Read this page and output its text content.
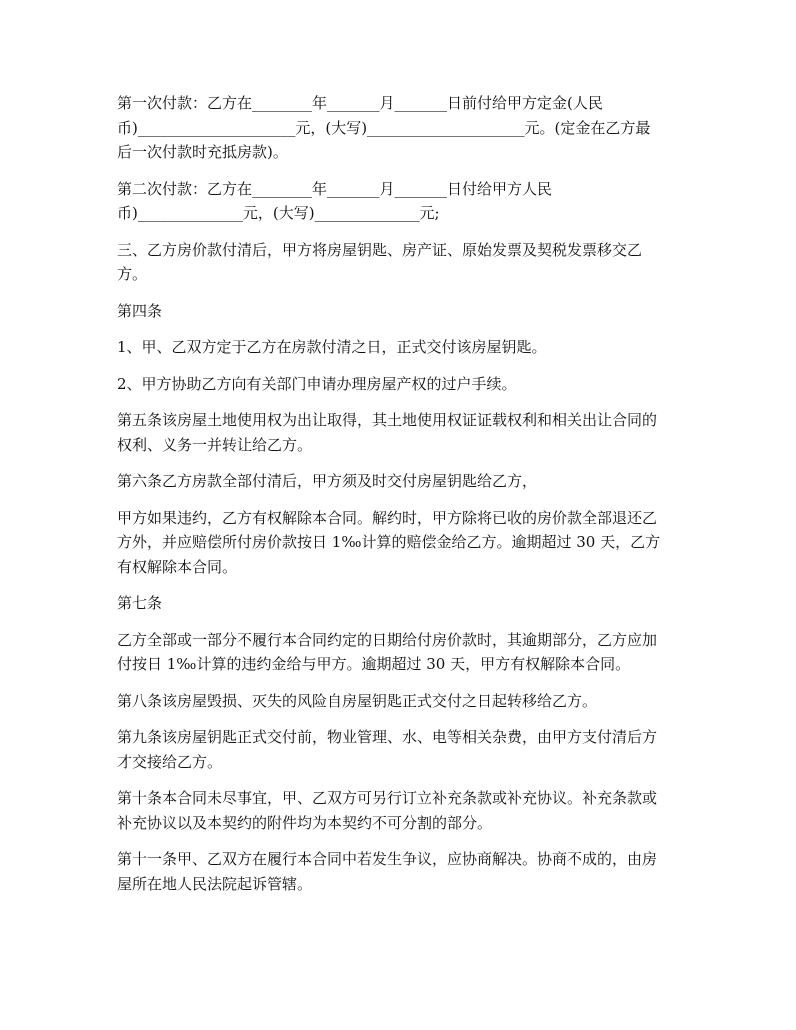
第一次付款：乙方在________年_______月_______日前付给甲方定金(人民
币)_____________________元，(大写)_____________________元。(定金在乙方最
后一次付款时充抵房款)。

第二次付款：乙方在________年_______月_______日付给甲方人民
币)______________元，(大写)______________元;

三、乙方房价款付清后，甲方将房屋钥匙、房产证、原始发票及契税发票移交乙
方。

第四条

1、甲、乙双方定于乙方在房款付清之日，正式交付该房屋钥匙。

2、甲方协助乙方向有关部门申请办理房屋产权的过户手续。

第五条该房屋土地使用权为出让取得，其土地使用权证证载权利和相关出让合同的
权利、义务一并转让给乙方。

第六条乙方房款全部付清后，甲方须及时交付房屋钥匙给乙方，

甲方如果违约，乙方有权解除本合同。解约时，甲方除将已收的房价款全部退还乙
方外，并应赔偿所付房价款按日 1‰计算的赔偿金给乙方。逾期超过 30 天，乙方
有权解除本合同。

第七条

乙方全部或一部分不履行本合同约定的日期给付房价款时，其逾期部分，乙方应加
付按日 1‰计算的违约金给与甲方。逾期超过 30 天，甲方有权解除本合同。

第八条该房屋毁损、灭失的风险自房屋钥匙正式交付之日起转移给乙方。

第九条该房屋钥匙正式交付前，物业管理、水、电等相关杂费，由甲方支付清后方
才交接给乙方。

第十条本合同未尽事宜，甲、乙双方可另行订立补充条款或补充协议。补充条款或
补充协议以及本契约的附件均为本契约不可分割的部分。

第十一条甲、乙双方在履行本合同中若发生争议，应协商解决。协商不成的，由房
屋所在地人民法院起诉管辖。
